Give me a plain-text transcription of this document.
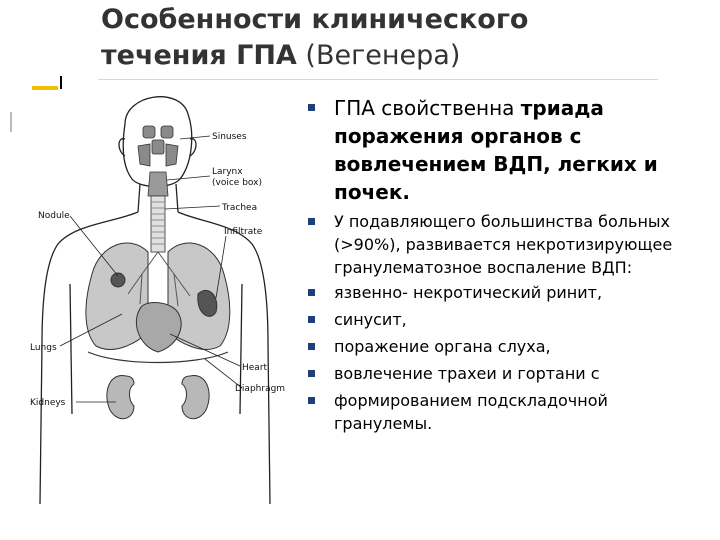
Особенности клинического
течения ГПА (Вегенера)
Sinuses
Larynx
(voice box)
Trachea
Nodule
Infiltrate
Lungs
Heart
Kidneys
Diaphragm
ГПА свойственна триада поражения органов с вовлечением ВДП, легких и почек.
У подавляющего большинства больных (>90%), развивается некротизирующее гранулематозное воспаление ВДП:
язвенно- некротический ринит,
синусит,
поражение органа слуха,
вовлечение трахеи и гортани с
формированием подскладочной гранулемы.
